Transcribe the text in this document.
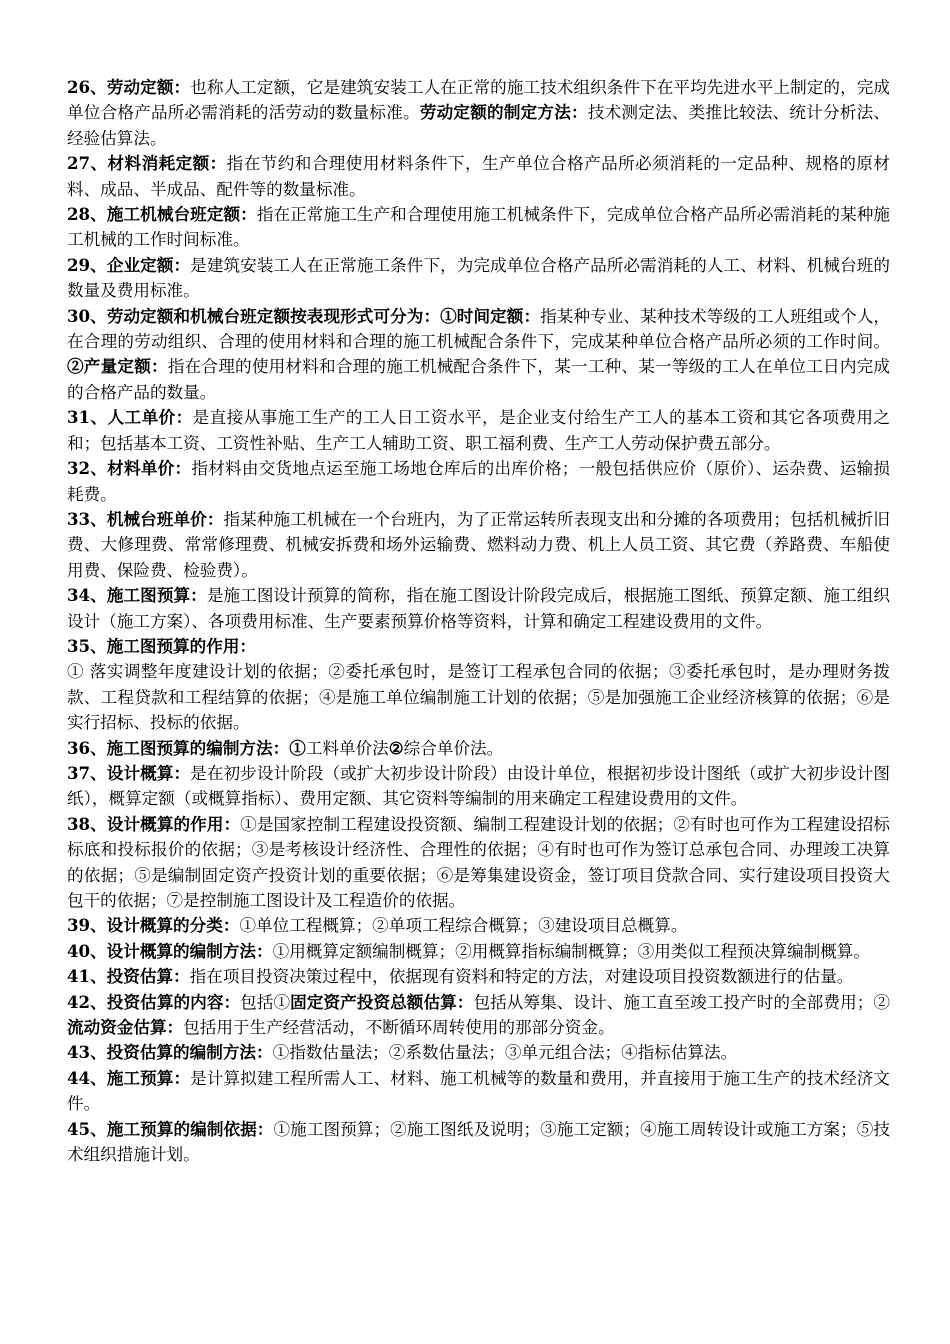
26、劳动定额：也称人工定额，它是建筑安装工人在正常的施工技术组织条件下在平均先进水平上制定的，完成单位合格产品所必需消耗的活劳动的数量标准。劳动定额的制定方法：技术测定法、类推比较法、统计分析法、经验估算法。

27、材料消耗定额：指在节约和合理使用材料条件下，生产单位合格产品所必须消耗的一定品种、规格的原材料、成品、半成品、配件等的数量标准。

28、施工机械台班定额：指在正常施工生产和合理使用施工机械条件下，完成单位合格产品所必需消耗的某种施工机械的工作时间标准。

29、企业定额：是建筑安装工人在正常施工条件下，为完成单位合格产品所必需消耗的人工、材料、机械台班的数量及费用标准。

30、劳动定额和机械台班定额按表现形式可分为：①时间定额：指某种专业、某种技术等级的工人班组或个人，在合理的劳动组织、合理的使用材料和合理的施工机械配合条件下，完成某种单位合格产品所必须的工作时间。②产量定额：指在合理的使用材料和合理的施工机械配合条件下，某一工种、某一等级的工人在单位工日内完成的合格产品的数量。

31、人工单价：是直接从事施工生产的工人日工资水平，是企业支付给生产工人的基本工资和其它各项费用之和；包括基本工资、工资性补贴、生产工人辅助工资、职工福利费、生产工人劳动保护费五部分。

32、材料单价：指材料由交货地点运至施工场地仓库后的出库价格；一般包括供应价（原价）、运杂费、运输损耗费。

33、机械台班单价：指某种施工机械在一个台班内，为了正常运转所表现支出和分摊的各项费用；包括机械折旧费、大修理费、常常修理费、机械安拆费和场外运输费、燃料动力费、机上人员工资、其它费（养路费、车船使用费、保险费、检验费）。

34、施工图预算：是施工图设计预算的简称，指在施工图设计阶段完成后，根据施工图纸、预算定额、施工组织设计（施工方案）、各项费用标准、生产要素预算价格等资料，计算和确定工程建设费用的文件。

35、施工图预算的作用：

① 落实调整年度建设计划的依据；②委托承包时，是签订工程承包合同的依据；③委托承包时，是办理财务拨款、工程贷款和工程结算的依据；④是施工单位编制施工计划的依据；⑤是加强施工企业经济核算的依据；⑥是实行招标、投标的依据。

36、施工图预算的编制方法：①工料单价法②综合单价法。

37、设计概算：是在初步设计阶段（或扩大初步设计阶段）由设计单位，根据初步设计图纸（或扩大初步设计图纸），概算定额（或概算指标）、费用定额、其它资料等编制的用来确定工程建设费用的文件。

38、设计概算的作用：①是国家控制工程建设投资额、编制工程建设计划的依据；②有时也可作为工程建设招标标底和投标报价的依据；③是考核设计经济性、合理性的依据；④有时也可作为签订总承包合同、办理竣工决算的依据；⑤是编制固定资产投资计划的重要依据；⑥是筹集建设资金，签订项目贷款合同、实行建设项目投资大包干的依据；⑦是控制施工图设计及工程造价的依据。

39、设计概算的分类：①单位工程概算；②单项工程综合概算；③建设项目总概算。

40、设计概算的编制方法：①用概算定额编制概算；②用概算指标编制概算；③用类似工程预决算编制概算。

41、投资估算：指在项目投资决策过程中，依据现有资料和特定的方法，对建设项目投资数额进行的估量。

42、投资估算的内容：包括①固定资产投资总额估算：包括从筹集、设计、施工直至竣工投产时的全部费用；②流动资金估算：包括用于生产经营活动，不断循环周转使用的那部分资金。

43、投资估算的编制方法：①指数估量法；②系数估量法；③单元组合法；④指标估算法。

44、施工预算：是计算拟建工程所需人工、材料、施工机械等的数量和费用，并直接用于施工生产的技术经济文件。

45、施工预算的编制依据：①施工图预算；②施工图纸及说明；③施工定额；④施工周转设计或施工方案；⑤技术组织措施计划。
